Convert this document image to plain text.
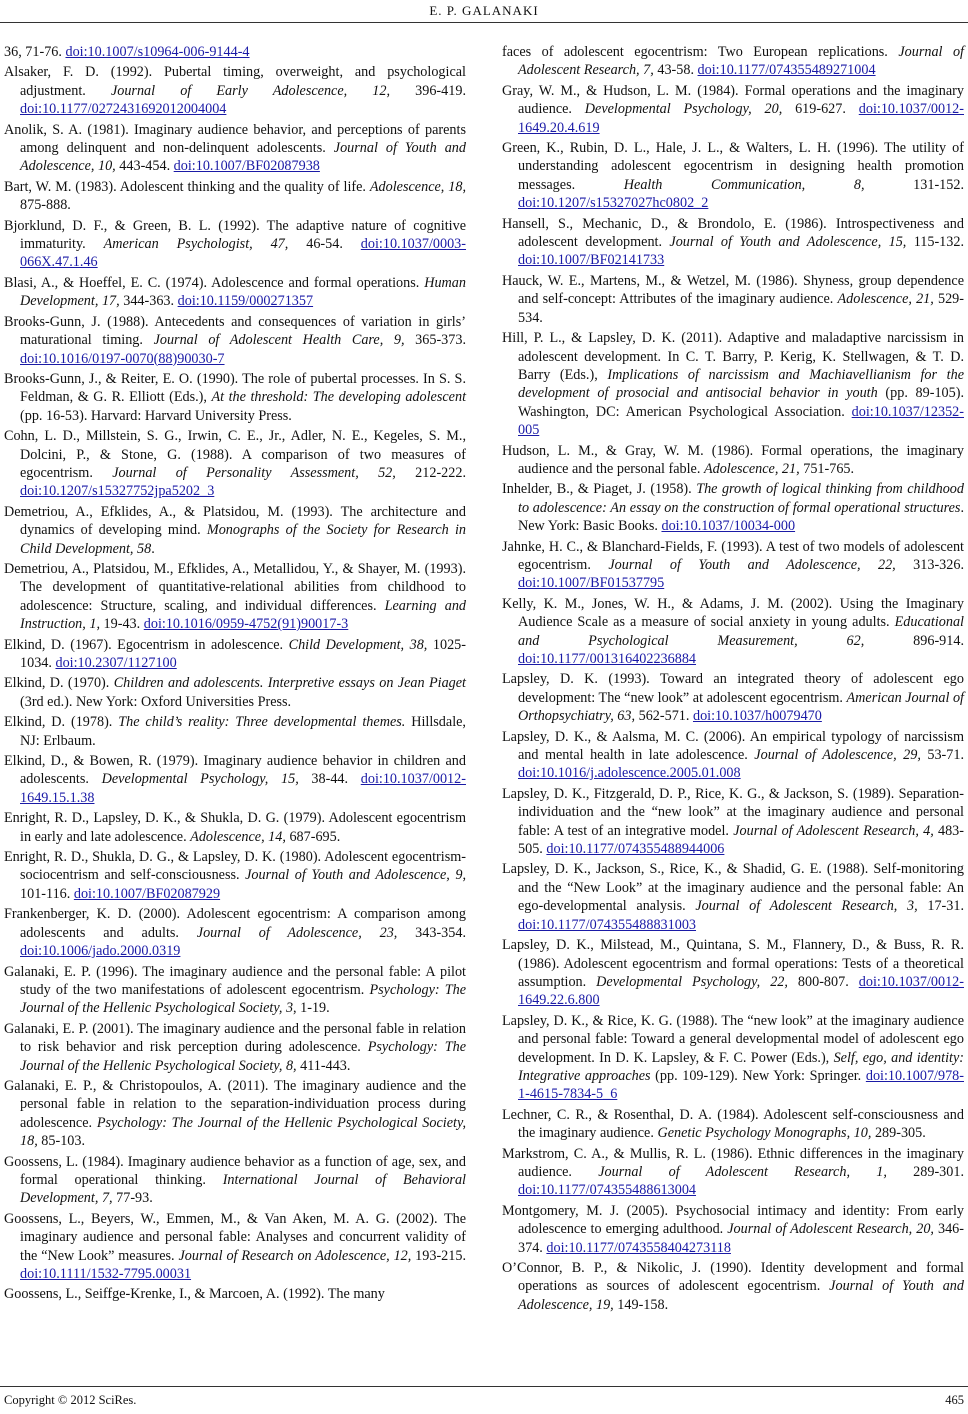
E. P. GALANAKI

36, 71-76. doi:10.1007/s10964-006-9144-4

Alsaker, F. D. (1992). Pubertal timing, overweight, and psychological adjustment. Journal of Early Adolescence, 12, 396-419. doi:10.1177/0272431692012004004

Anolik, S. A. (1981). Imaginary audience behavior, and perceptions of parents among delinquent and non-delinquent adolescents. Journal of Youth and Adolescence, 10, 443-454. doi:10.1007/BF02087938

Bart, W. M. (1983). Adolescent thinking and the quality of life. Adolescence, 18, 875-888.

Bjorklund, D. F., & Green, B. L. (1992). The adaptive nature of cognitive immaturity. American Psychologist, 47, 46-54. doi:10.1037/0003-066X.47.1.46

Blasi, A., & Hoeffel, E. C. (1974). Adolescence and formal operations. Human Development, 17, 344-363. doi:10.1159/000271357

Brooks-Gunn, J. (1988). Antecedents and consequences of variation in girls’ maturational timing. Journal of Adolescent Health Care, 9, 365-373. doi:10.1016/0197-0070(88)90030-7

Brooks-Gunn, J., & Reiter, E. O. (1990). The role of pubertal processes. In S. S. Feldman, & G. R. Elliott (Eds.), At the threshold: The developing adolescent (pp. 16-53). Harvard: Harvard University Press.

Cohn, L. D., Millstein, S. G., Irwin, C. E., Jr., Adler, N. E., Kegeles, S. M., Dolcini, P., & Stone, G. (1988). A comparison of two measures of egocentrism. Journal of Personality Assessment, 52, 212-222. doi:10.1207/s15327752jpa5202_3

Demetriou, A., Efklides, A., & Platsidou, M. (1993). The architecture and dynamics of developing mind. Monographs of the Society for Research in Child Development, 58.

Demetriou, A., Platsidou, M., Efklides, A., Metallidou, Y., & Shayer, M. (1993). The development of quantitative-relational abilities from childhood to adolescence: Structure, scaling, and individual differences. Learning and Instruction, 1, 19-43. doi:10.1016/0959-4752(91)90017-3

Elkind, D. (1967). Egocentrism in adolescence. Child Development, 38, 1025-1034. doi:10.2307/1127100

Elkind, D. (1970). Children and adolescents. Interpretive essays on Jean Piaget (3rd ed.). New York: Oxford Universities Press.

Elkind, D. (1978). The child’s reality: Three developmental themes. Hillsdale, NJ: Erlbaum.

Elkind, D., & Bowen, R. (1979). Imaginary audience behavior in children and adolescents. Developmental Psychology, 15, 38-44. doi:10.1037/0012-1649.15.1.38

Enright, R. D., Lapsley, D. K., & Shukla, D. G. (1979). Adolescent egocentrism in early and late adolescence. Adolescence, 14, 687-695.

Enright, R. D., Shukla, D. G., & Lapsley, D. K. (1980). Adolescent egocentrism-sociocentrism and self-consciousness. Journal of Youth and Adolescence, 9, 101-116. doi:10.1007/BF02087929

Frankenberger, K. D. (2000). Adolescent egocentrism: A comparison among adolescents and adults. Journal of Adolescence, 23, 343-354. doi:10.1006/jado.2000.0319

Galanaki, E. P. (1996). The imaginary audience and the personal fable: A pilot study of the two manifestations of adolescent egocentrism. Psychology: The Journal of the Hellenic Psychological Society, 3, 1-19.

Galanaki, E. P. (2001). The imaginary audience and the personal fable in relation to risk behavior and risk perception during adolescence. Psychology: The Journal of the Hellenic Psychological Society, 8, 411-443.

Galanaki, E. P., & Christopoulos, A. (2011). The imaginary audience and the personal fable in relation to the separation-individuation process during adolescence. Psychology: The Journal of the Hellenic Psychological Society, 18, 85-103.

Goossens, L. (1984). Imaginary audience behavior as a function of age, sex, and formal operational thinking. International Journal of Behavioral Development, 7, 77-93.

Goossens, L., Beyers, W., Emmen, M., & Van Aken, M. A. G. (2002). The imaginary audience and personal fable: Analyses and concurrent validity of the “New Look” measures. Journal of Research on Adolescence, 12, 193-215. doi:10.1111/1532-7795.00031

Goossens, L., Seiffge-Krenke, I., & Marcoen, A. (1992). The many

faces of adolescent egocentrism: Two European replications. Journal of Adolescent Research, 7, 43-58. doi:10.1177/074355489271004

Gray, W. M., & Hudson, L. M. (1984). Formal operations and the imaginary audience. Developmental Psychology, 20, 619-627. doi:10.1037/0012-1649.20.4.619

Green, K., Rubin, D. L., Hale, J. L., & Walters, L. H. (1996). The utility of understanding adolescent egocentrism in designing health promotion messages. Health Communication, 8, 131-152. doi:10.1207/s15327027hc0802_2

Hansell, S., Mechanic, D., & Brondolo, E. (1986). Introspectiveness and adolescent development. Journal of Youth and Adolescence, 15, 115-132. doi:10.1007/BF02141733

Hauck, W. E., Martens, M., & Wetzel, M. (1986). Shyness, group dependence and self-concept: Attributes of the imaginary audience. Adolescence, 21, 529-534.

Hill, P. L., & Lapsley, D. K. (2011). Adaptive and maladaptive narcissism in adolescent development. In C. T. Barry, P. Kerig, K. Stellwagen, & T. D. Barry (Eds.), Implications of narcissism and Machiavellianism for the development of prosocial and antisocial behavior in youth (pp. 89-105). Washington, DC: American Psychological Association. doi:10.1037/12352-005

Hudson, L. M., & Gray, W. M. (1986). Formal operations, the imaginary audience and the personal fable. Adolescence, 21, 751-765.

Inhelder, B., & Piaget, J. (1958). The growth of logical thinking from childhood to adolescence: An essay on the construction of formal operational structures. New York: Basic Books. doi:10.1037/10034-000

Jahnke, H. C., & Blanchard-Fields, F. (1993). A test of two models of adolescent egocentrism. Journal of Youth and Adolescence, 22, 313-326. doi:10.1007/BF01537795

Kelly, K. M., Jones, W. H., & Adams, J. M. (2002). Using the Imaginary Audience Scale as a measure of social anxiety in young adults. Educational and Psychological Measurement, 62, 896-914. doi:10.1177/001316402236884

Lapsley, D. K. (1993). Toward an integrated theory of adolescent ego development: The “new look” at adolescent egocentrism. American Journal of Orthopsychiatry, 63, 562-571. doi:10.1037/h0079470

Lapsley, D. K., & Aalsma, M. C. (2006). An empirical typology of narcissism and mental health in late adolescence. Journal of Adolescence, 29, 53-71. doi:10.1016/j.adolescence.2005.01.008

Lapsley, D. K., Fitzgerald, D. P., Rice, K. G., & Jackson, S. (1989). Separation-individuation and the “new look” at the imaginary audience and personal fable: A test of an integrative model. Journal of Adolescent Research, 4, 483-505. doi:10.1177/074355488944006

Lapsley, D. K., Jackson, S., Rice, K., & Shadid, G. E. (1988). Self-monitoring and the “New Look” at the imaginary audience and the personal fable: An ego-developmental analysis. Journal of Adolescent Research, 3, 17-31. doi:10.1177/074355488831003

Lapsley, D. K., Milstead, M., Quintana, S. M., Flannery, D., & Buss, R. R. (1986). Adolescent egocentrism and formal operations: Tests of a theoretical assumption. Developmental Psychology, 22, 800-807. doi:10.1037/0012-1649.22.6.800

Lapsley, D. K., & Rice, K. G. (1988). The “new look” at the imaginary audience and personal fable: Toward a general developmental model of adolescent ego development. In D. K. Lapsley, & F. C. Power (Eds.), Self, ego, and identity: Integrative approaches (pp. 109-129). New York: Springer. doi:10.1007/978-1-4615-7834-5_6

Lechner, C. R., & Rosenthal, D. A. (1984). Adolescent self-consciousness and the imaginary audience. Genetic Psychology Monographs, 10, 289-305.

Markstrom, C. A., & Mullis, R. L. (1986). Ethnic differences in the imaginary audience. Journal of Adolescent Research, 1, 289-301. doi:10.1177/074355488613004

Montgomery, M. J. (2005). Psychosocial intimacy and identity: From early adolescence to emerging adulthood. Journal of Adolescent Research, 20, 346-374. doi:10.1177/0743558404273118

O’Connor, B. P., & Nikolic, J. (1990). Identity development and formal operations as sources of adolescent egocentrism. Journal of Youth and Adolescence, 19, 149-158.

Copyright © 2012 SciRes.	465
